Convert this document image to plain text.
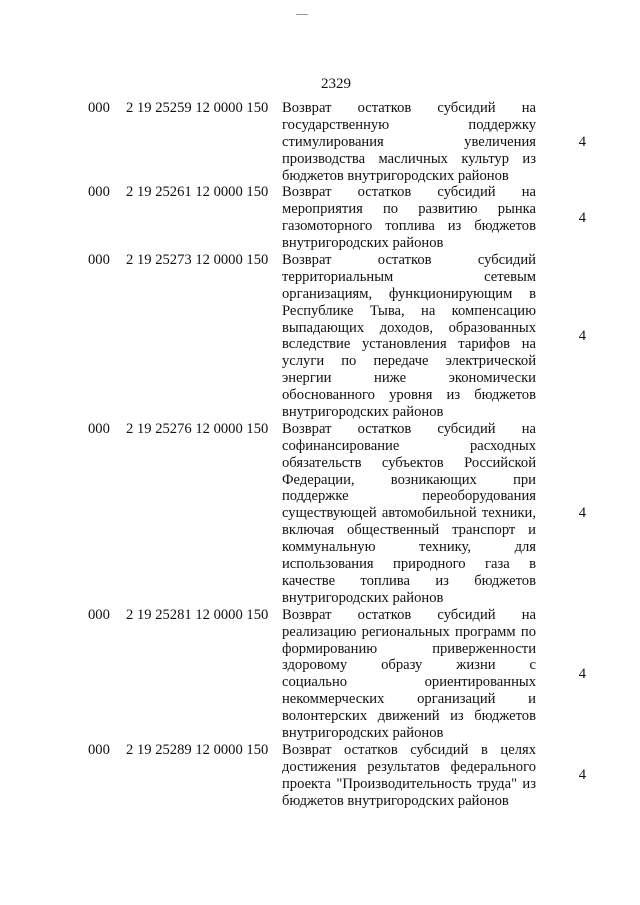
2329
000	2 19 25259 12 0000 150 Возврат остатков субсидий на
государственную поддержку
стимулирования увеличения
производства масличных культур из
бюджетов внутригородских районов
4
000	2 19 25261 12 0000 150 Возврат остатков субсидий на
мероприятия по развитию рынка
газомоторного топлива из бюджетов
внутригородских районов
4
000	2 19 25273 12 0000 150 Возврат остатков субсидий
территориальным сетевым
организациям, функционирующим в
Республике Тыва, на компенсацию
выпадающих доходов, образованных
вследствие установления тарифов на
услуги по передаче электрической
энергии ниже экономически
обоснованного уровня из бюджетов
внутригородских районов
4
000	2 19 25276 12 0000 150 Возврат остатков субсидий на
софинансирование расходных
обязательств субъектов Российской
Федерации, возникающих при
поддержке переоборудования
существующей автомобильной техники,
включая общественный транспорт и
коммунальную технику, для
использования природного газа в
качестве топлива из бюджетов
внутригородских районов
4
000	2 19 25281 12 0000 150 Возврат остатков субсидий на
реализацию региональных программ по
формированию приверженности
здоровому образу жизни с
социально ориентированных
некоммерческих организаций и
волонтерских движений из бюджетов
внутригородских районов
4
000	2 19 25289 12 0000 150 Возврат остатков субсидий в целях
достижения результатов федерального
проекта "Производительность труда" из
бюджетов внутригородских районов
4
